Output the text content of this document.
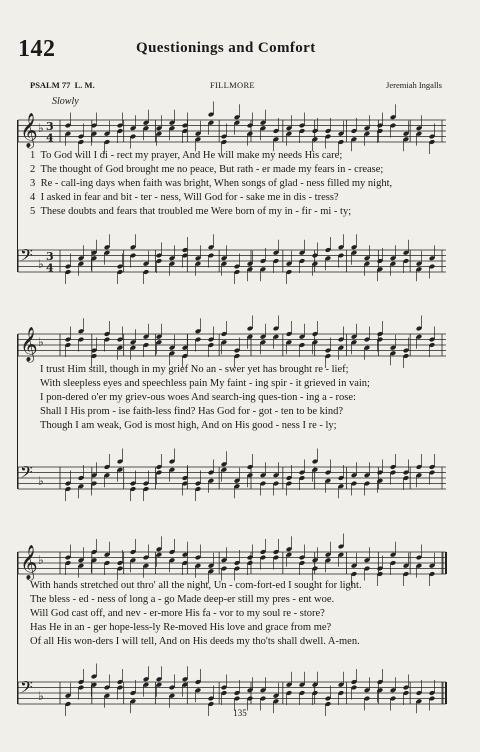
142	Questionings and Comfort
PSALM 77 L. M.	FILLMORE	Jeremiah Ingalls
Slowly
𝄞 ♭ 3
4
𝄢 ♭
3
4
𝄞 ♭
𝄢 ♭
𝄞 ♭
𝄢 ♭
1 To God will I di - rect my prayer, And He will make my needs His care;
2 The thought of God brought me no peace, But rath - er made my fears in - crease;
3 Re - call-ing days when faith was bright, When songs of glad - ness filled my night,
4 I asked in fear and bit - ter - ness, Will God for - sake me in dis - tress?
5 These doubts and fears that troubled me Were born of my in - fir - mi - ty;
I trust Him still, though in my grief No an - swer yet has brought re - lief;
With sleepless eyes and speechless pain My faint - ing spir - it grieved in vain;
I pon-dered o'er my griev-ous woes And search-ing ques-tion - ing a - rose:
Shall I His prom - ise faith-less find? Has God for - got - ten to be kind?
Though I am weak, God is most high, And on His good - ness I re - ly;
With hands stretched out thro' all the night, Un - com-fort-ed I sought for light.
The bless - ed - ness of long a - go Made deep-er still my pres - ent woe.
Will God cast off, and nev - er-more His fa - vor to my soul re - store?
Has He in an - ger hope-less-ly Re-moved His love and grace from me?
Of all His won-ders I will tell, And on His deeds my tho'ts shall dwell. A-men.
135
